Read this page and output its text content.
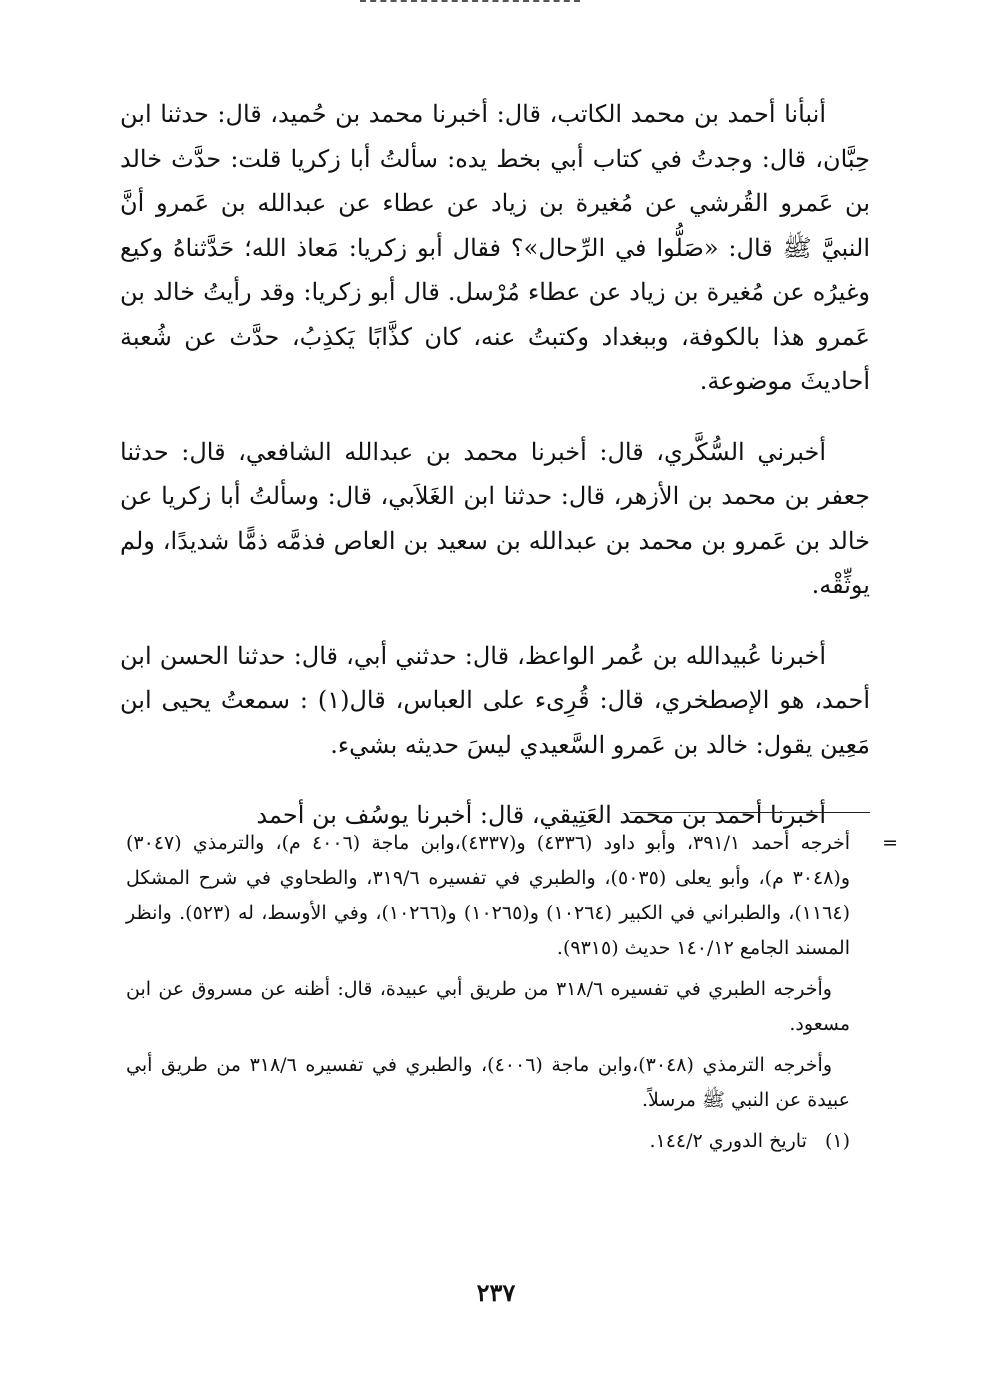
أنبأنا أحمد بن محمد الكاتب، قال: أخبرنا محمد بن حُميد، قال: حدثنا ابن حِبَّان، قال: وجدتُ في كتاب أبي بخط يده: سألتُ أبا زكريا قلت: حدَّث خالد بن عَمرو القُرشي عن مُغيرة بن زياد عن عطاء عن عبدالله بن عَمرو أنَّ النبيَّ ﷺ قال: «صَلُّوا في الرِّحال»؟ فقال أبو زكريا: مَعاذ الله؛ حَدَّثناهُ وكيع وغيرُه عن مُغيرة بن زياد عن عطاء مُرْسل. قال أبو زكريا: وقد رأيتُ خالد بن عَمرو هذا بالكوفة، وببغداد وكتبتُ عنه، كان كذَّابًا يَكذِبُ، حدَّث عن شُعبة أحاديثَ موضوعة.

أخبرني السُّكَّري، قال: أخبرنا محمد بن عبدالله الشافعي، قال: حدثنا جعفر بن محمد بن الأزهر، قال: حدثنا ابن الغَلاَبي، قال: وسألتُ أبا زكريا عن خالد بن عَمرو بن محمد بن عبدالله بن سعيد بن العاص فذمَّه ذمًّا شديدًا، ولم يوثِّقْه.

أخبرنا عُبيدالله بن عُمر الواعظ، قال: حدثني أبي، قال: حدثنا الحسن ابن أحمد، هو الإصطخري، قال: قُرِىء على العباس، قال(١) : سمعتُ يحيى ابن مَعِين يقول: خالد بن عَمرو السَّعيدي ليسَ حديثه بشيء.

أخبرنا أحمد بن محمد العَتِيقي، قال: أخبرنا يوسُف بن أحمد

=
أخرجه أحمد ٣٩١/١، وأبو داود (٤٣٣٦) و(٤٣٣٧)،وابن ماجة (٤٠٠٦ م)، والترمذي (٣٠٤٧) و(٣٠٤٨ م)، وأبو يعلى (٥٠٣٥)، والطبري في تفسيره ٣١٩/٦، والطحاوي في شرح المشكل (١١٦٤)، والطبراني في الكبير (١٠٢٦٤) و(١٠٢٦٥) و(١٠٢٦٦)، وفي الأوسط، له (٥٢٣). وانظر المسند الجامع ١٤٠/١٢ حديث (٩٣١٥).

وأخرجه الطبري في تفسيره ٣١٨/٦ من طريق أبي عبيدة، قال: أظنه عن مسروق عن ابن مسعود.

وأخرجه الترمذي (٣٠٤٨)،وابن ماجة (٤٠٠٦)، والطبري في تفسيره ٣١٨/٦ من طريق أبي عبيدة عن النبي ﷺ مرسلاً.

(١) تاريخ الدوري ١٤٤/٢.

٢٣٧
